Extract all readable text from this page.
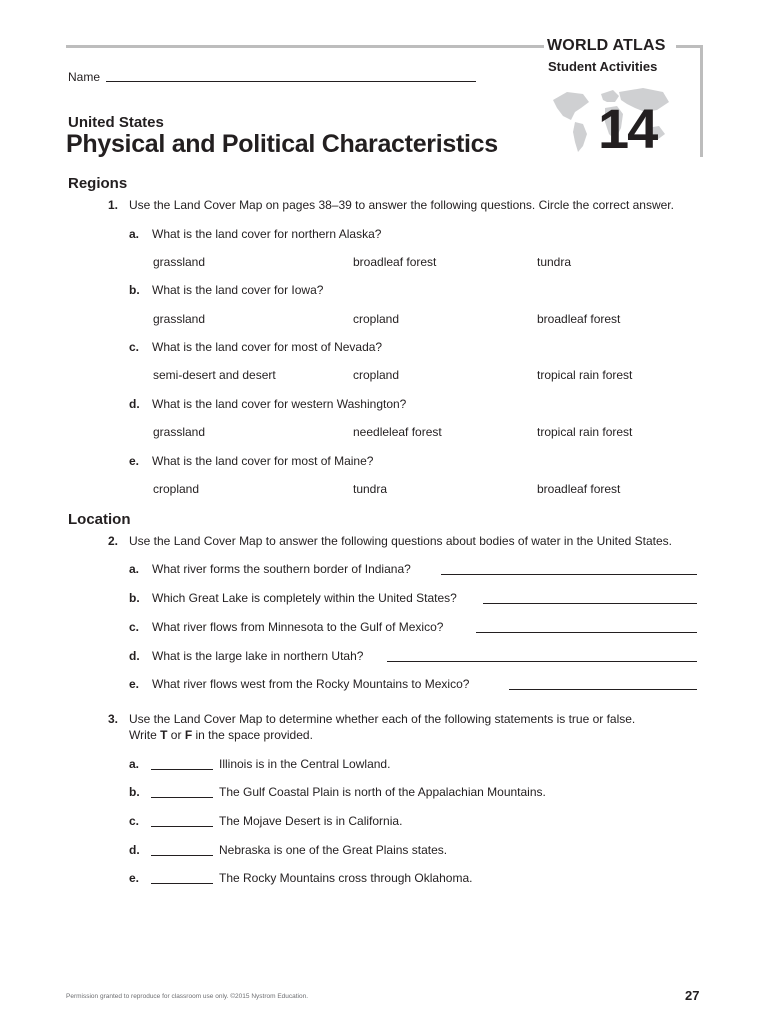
WORLD ATLAS
Student Activities
14
Name
United States
Physical and Political Characteristics
Regions
1. Use the Land Cover Map on pages 38–39 to answer the following questions. Circle the correct answer.
a. What is the land cover for northern Alaska?
grassland	broadleaf forest	tundra
b. What is the land cover for Iowa?
grassland	cropland	broadleaf forest
c. What is the land cover for most of Nevada?
semi-desert and desert	cropland	tropical rain forest
d. What is the land cover for western Washington?
grassland	needleleaf forest	tropical rain forest
e. What is the land cover for most of Maine?
cropland	tundra	broadleaf forest
Location
2. Use the Land Cover Map to answer the following questions about bodies of water in the United States.
a. What river forms the southern border of Indiana?
b. Which Great Lake is completely within the United States?
c. What river flows from Minnesota to the Gulf of Mexico?
d. What is the large lake in northern Utah?
e. What river flows west from the Rocky Mountains to Mexico?
3. Use the Land Cover Map to determine whether each of the following statements is true or false.
Write T or F in the space provided.
a.	Illinois is in the Central Lowland.
b.	The Gulf Coastal Plain is north of the Appalachian Mountains.
c.	The Mojave Desert is in California.
d.	Nebraska is one of the Great Plains states.
e.	The Rocky Mountains cross through Oklahoma.
Permission granted to reproduce for classroom use only. ©2015 Nystrom Education.	27
